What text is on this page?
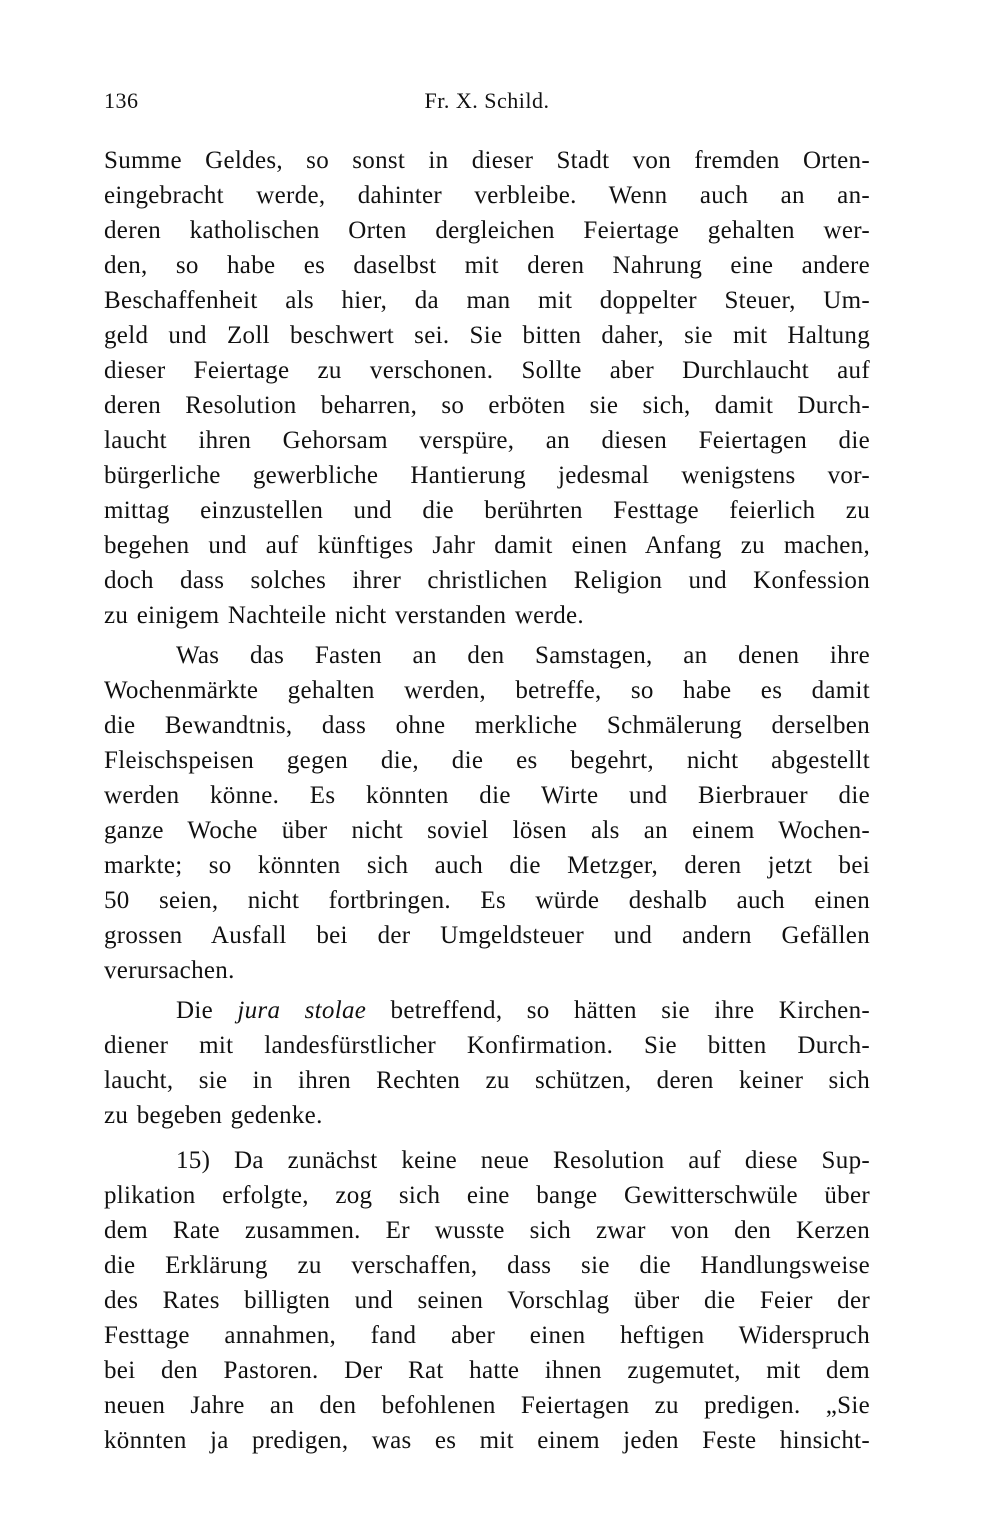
136	Fr. X. Schild.
Summe Geldes, so sonst in dieser Stadt von fremden Orten-
eingebracht werde, dahinter verbleibe. Wenn auch an an-
deren katholischen Orten dergleichen Feiertage gehalten wer-
den, so habe es daselbst mit deren Nahrung eine andere
Beschaffenheit als hier, da man mit doppelter Steuer, Um-
geld und Zoll beschwert sei. Sie bitten daher, sie mit Haltung
dieser Feiertage zu verschonen. Sollte aber Durchlaucht auf
deren Resolution beharren, so erböten sie sich, damit Durch-
laucht ihren Gehorsam verspüre, an diesen Feiertagen die
bürgerliche gewerbliche Hantierung jedesmal wenigstens vor-
mittag einzustellen und die berührten Festtage feierlich zu
begehen und auf künftiges Jahr damit einen Anfang zu machen,
doch dass solches ihrer christlichen Religion und Konfession
zu einigem Nachteile nicht verstanden werde.
Was das Fasten an den Samstagen, an denen ihre
Wochenmärkte gehalten werden, betreffe, so habe es damit
die Bewandtnis, dass ohne merkliche Schmälerung derselben
Fleischspeisen gegen die, die es begehrt, nicht abgestellt
werden könne. Es könnten die Wirte und Bierbrauer die
ganze Woche über nicht soviel lösen als an einem Wochen-
markte; so könnten sich auch die Metzger, deren jetzt bei
50 seien, nicht fortbringen. Es würde deshalb auch einen
grossen Ausfall bei der Umgeldsteuer und andern Gefällen
verursachen.
Die jura stolae betreffend, so hätten sie ihre Kirchen-
diener mit landesfürstlicher Konfirmation. Sie bitten Durch-
laucht, sie in ihren Rechten zu schützen, deren keiner sich
zu begeben gedenke.
15) Da zunächst keine neue Resolution auf diese Sup-
plikation erfolgte, zog sich eine bange Gewitterschwüle über
dem Rate zusammen. Er wusste sich zwar von den Kerzen
die Erklärung zu verschaffen, dass sie die Handlungsweise
des Rates billigten und seinen Vorschlag über die Feier der
Festtage annahmen, fand aber einen heftigen Widerspruch
bei den Pastoren. Der Rat hatte ihnen zugemutet, mit dem
neuen Jahre an den befohlenen Feiertagen zu predigen. „Sie
könnten ja predigen, was es mit einem jeden Feste hinsicht-
